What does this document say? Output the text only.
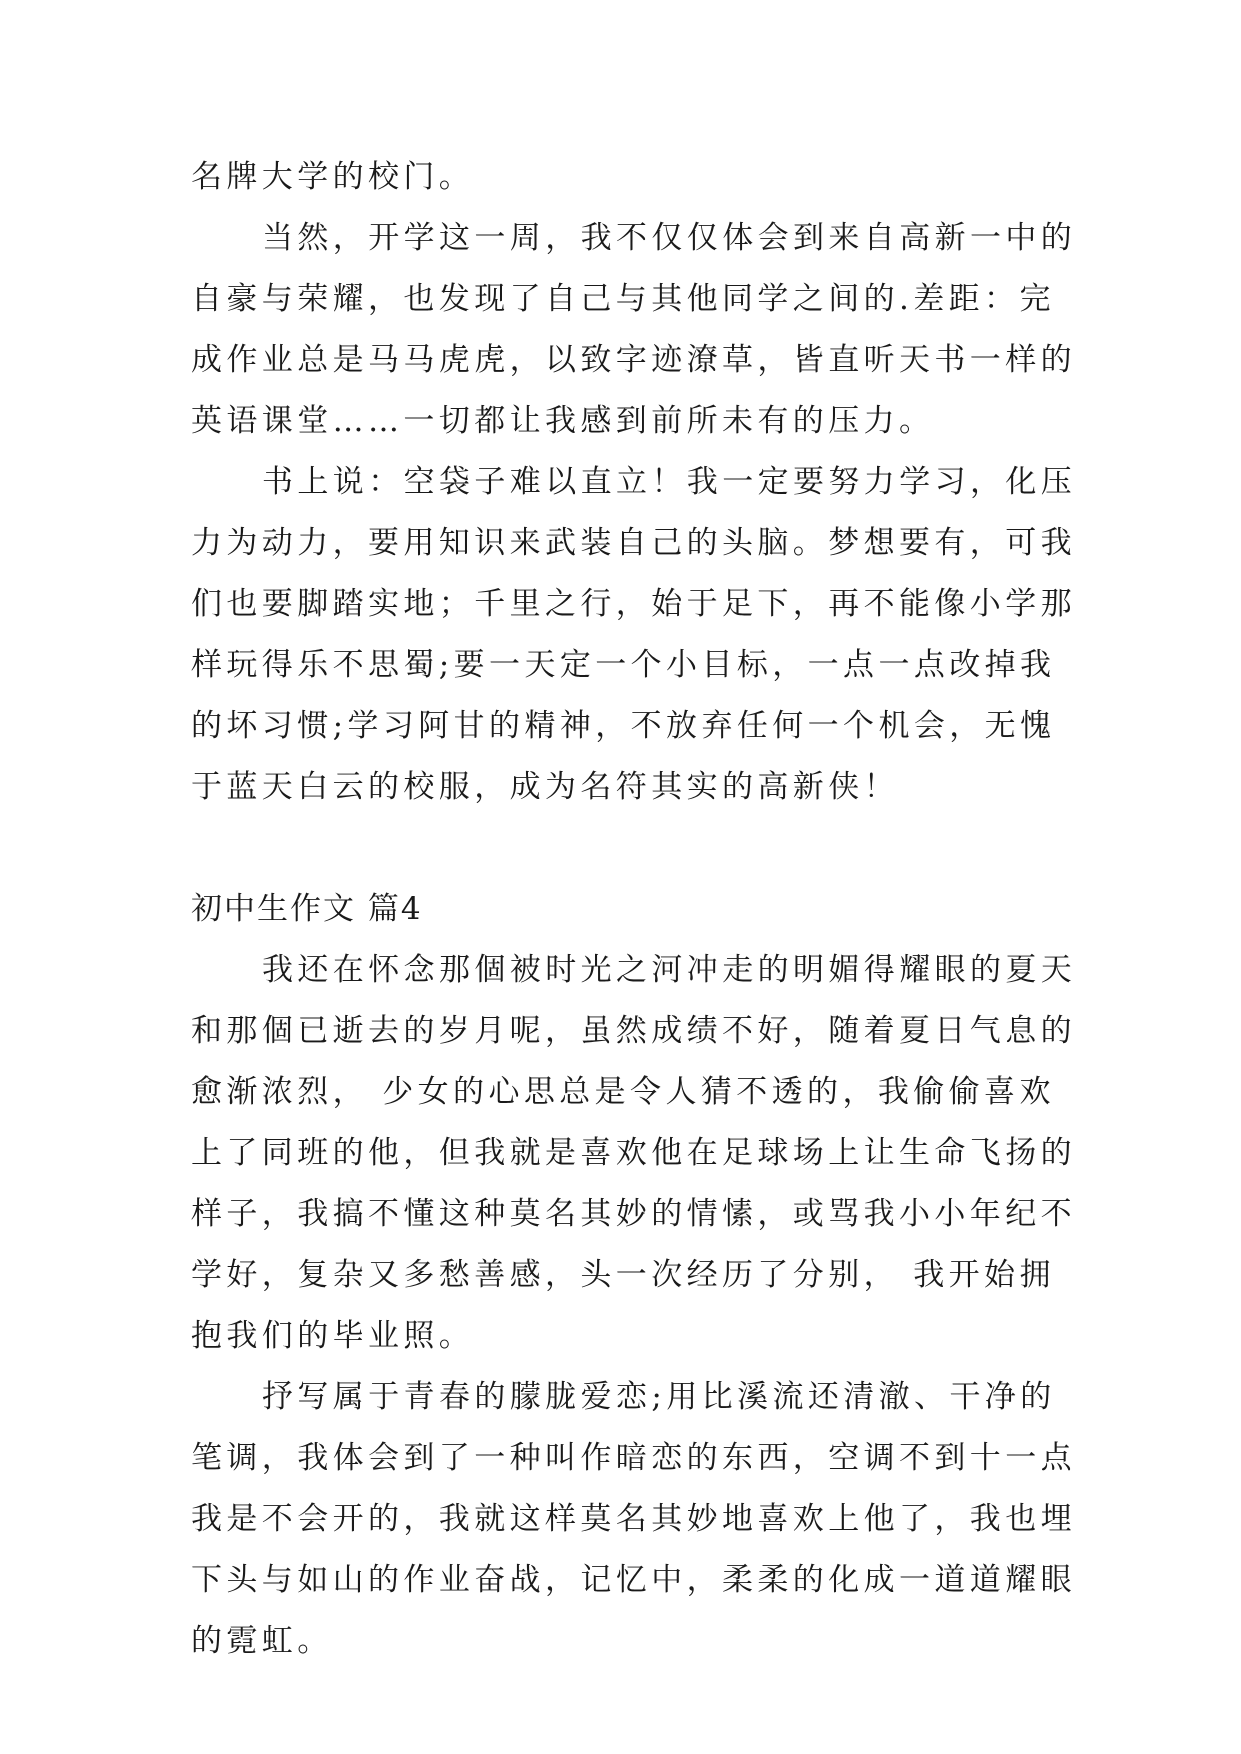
名牌大学的校门。

当然，开学这一周，我不仅仅体会到来自高新一中的自豪与荣耀，也发现了自己与其他同学之间的.差距：完成作业总是马马虎虎，以致字迹潦草，皆直听天书一样的英语课堂……一切都让我感到前所未有的压力。

书上说：空袋子难以直立！我一定要努力学习，化压力为动力，要用知识来武装自己的头脑。梦想要有，可我们也要脚踏实地；千里之行，始于足下，再不能像小学那样玩得乐不思蜀;要一天定一个小目标，一点一点改掉我的坏习惯;学习阿甘的精神，不放弃任何一个机会，无愧于蓝天白云的校服，成为名符其实的高新侠！

初中生作文 篇4

我还在怀念那個被时光之河冲走的明媚得耀眼的夏天和那個已逝去的岁月呢，虽然成绩不好，随着夏日气息的愈渐浓烈， 少女的心思总是令人猜不透的，我偷偷喜欢上了同班的他，但我就是喜欢他在足球场上让生命飞扬的样子，我搞不懂这种莫名其妙的情愫，或骂我小小年纪不学好，复杂又多愁善感，头一次经历了分别， 我开始拥抱我们的毕业照。

抒写属于青春的朦胧爱恋;用比溪流还清澈、干净的笔调，我体会到了一种叫作暗恋的东西，空调不到十一点我是不会开的，我就这样莫名其妙地喜欢上他了，我也埋下头与如山的作业奋战，记忆中，柔柔的化成一道道耀眼的霓虹。
